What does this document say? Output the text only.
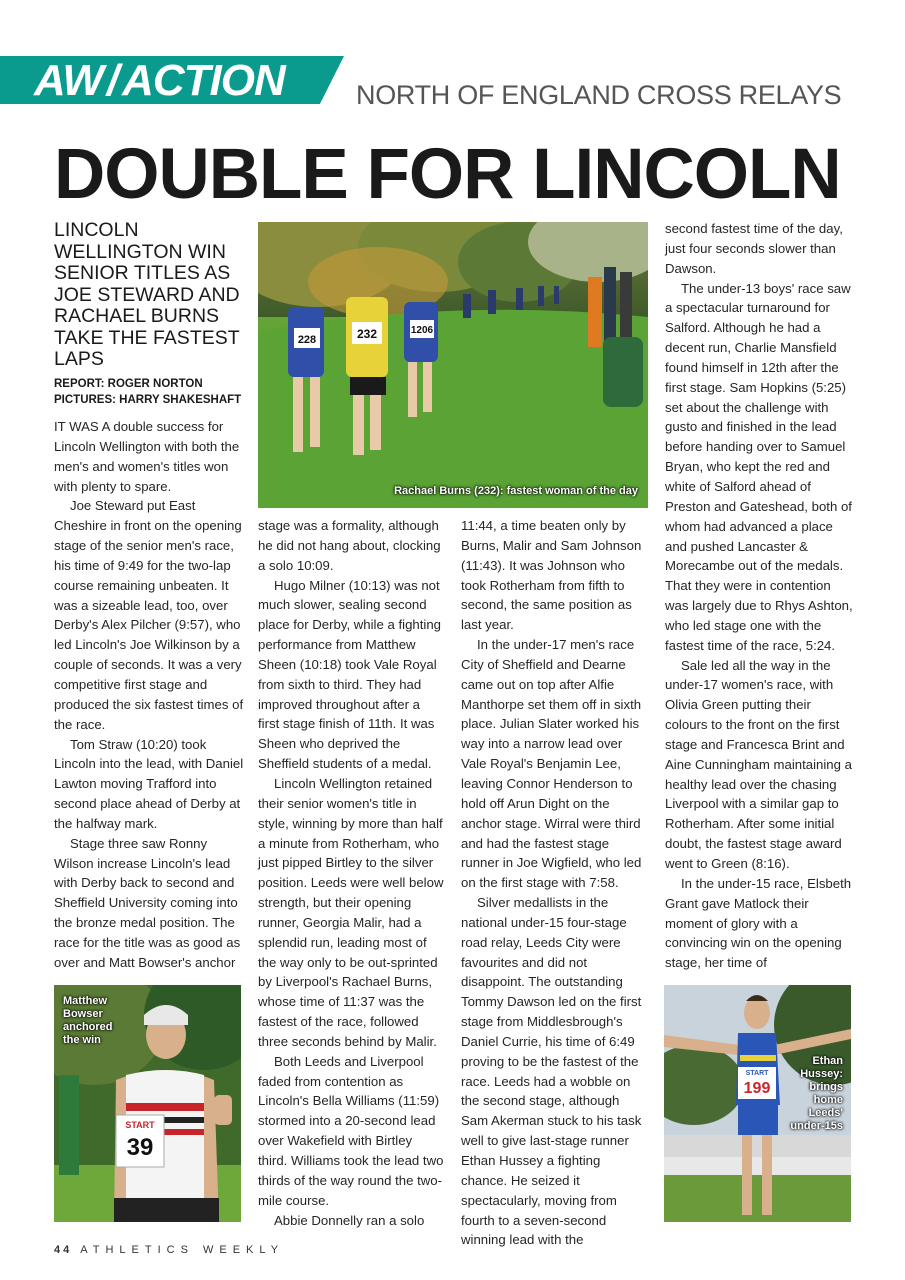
AW/ACTION	NORTH OF ENGLAND CROSS RELAYS
DOUBLE FOR LINCOLN
LINCOLN WELLINGTON WIN SENIOR TITLES AS JOE STEWARD AND RACHAEL BURNS TAKE THE FASTEST LAPS
REPORT: ROGER NORTON
PICTURES: HARRY SHAKESHAFT

IT WAS A double success for Lincoln Wellington with both the men's and women's titles won with plenty to spare.

Joe Steward put East Cheshire in front on the opening stage of the senior men's race, his time of 9:49 for the two-lap course remaining unbeaten. It was a sizeable lead, too, over Derby's Alex Pilcher (9:57), who led Lincoln's Joe Wilkinson by a couple of seconds. It was a very competitive first stage and produced the six fastest times of the race.

Tom Straw (10:20) took Lincoln into the lead, with Daniel Lawton moving Trafford into second place ahead of Derby at the halfway mark.

Stage three saw Ronny Wilson increase Lincoln's lead with Derby back to second and Sheffield University coming into the bronze medal position. The race for the title was as good as over and Matt Bowser's anchor

228	232	1206
Rachael Burns (232): fastest woman of the day

stage was a formality, although he did not hang about, clocking a solo 10:09.

Hugo Milner (10:13) was not much slower, sealing second place for Derby, while a fighting performance from Matthew Sheen (10:18) took Vale Royal from sixth to third. They had improved throughout after a first stage finish of 11th. It was Sheen who deprived the Sheffield students of a medal.

Lincoln Wellington retained their senior women's title in style, winning by more than half a minute from Rotherham, who just pipped Birtley to the silver position. Leeds were well below strength, but their opening runner, Georgia Malir, had a splendid run, leading most of the way only to be out-sprinted by Liverpool's Rachael Burns, whose time of 11:37 was the fastest of the race, followed three seconds behind by Malir.

Both Leeds and Liverpool faded from contention as Lincoln's Bella Williams (11:59) stormed into a 20-second lead over Wakefield with Birtley third. Williams took the lead two thirds of the way round the two-mile course.

Abbie Donnelly ran a solo

11:44, a time beaten only by Burns, Malir and Sam Johnson (11:43). It was Johnson who took Rotherham from fifth to second, the same position as last year.

In the under-17 men's race City of Sheffield and Dearne came out on top after Alfie Manthorpe set them off in sixth place. Julian Slater worked his way into a narrow lead over Vale Royal's Benjamin Lee, leaving Connor Henderson to hold off Arun Dight on the anchor stage. Wirral were third and had the fastest stage runner in Joe Wigfield, who led on the first stage with 7:58.

Silver medallists in the national under-15 four-stage road relay, Leeds City were favourites and did not disappoint. The outstanding Tommy Dawson led on the first stage from Middlesbrough's Daniel Currie, his time of 6:49 proving to be the fastest of the race. Leeds had a wobble on the second stage, although Sam Akerman stuck to his task well to give last-stage runner Ethan Hussey a fighting chance. He seized it spectacularly, moving from fourth to a seven-second winning lead with the

second fastest time of the day, just four seconds slower than Dawson.

The under-13 boys' race saw a spectacular turnaround for Salford. Although he had a decent run, Charlie Mansfield found himself in 12th after the first stage. Sam Hopkins (5:25) set about the challenge with gusto and finished in the lead before handing over to Samuel Bryan, who kept the red and white of Salford ahead of Preston and Gateshead, both of whom had advanced a place and pushed Lancaster & Morecambe out of the medals. That they were in contention was largely due to Rhys Ashton, who led stage one with the fastest time of the race, 5:24.

Sale led all the way in the under-17 women's race, with Olivia Green putting their colours to the front on the first stage and Francesca Brint and Aine Cunningham maintaining a healthy lead over the chasing Liverpool with a similar gap to Rotherham. After some initial doubt, the fastest stage award went to Green (8:16).

In the under-15 race, Elsbeth Grant gave Matlock their moment of glory with a convincing win on the opening stage, her time of

START
39
Matthew Bowser anchored the win
START
199
Ethan Hussey: brings home Leeds' under-15s
44 ATHLETICS WEEKLY
